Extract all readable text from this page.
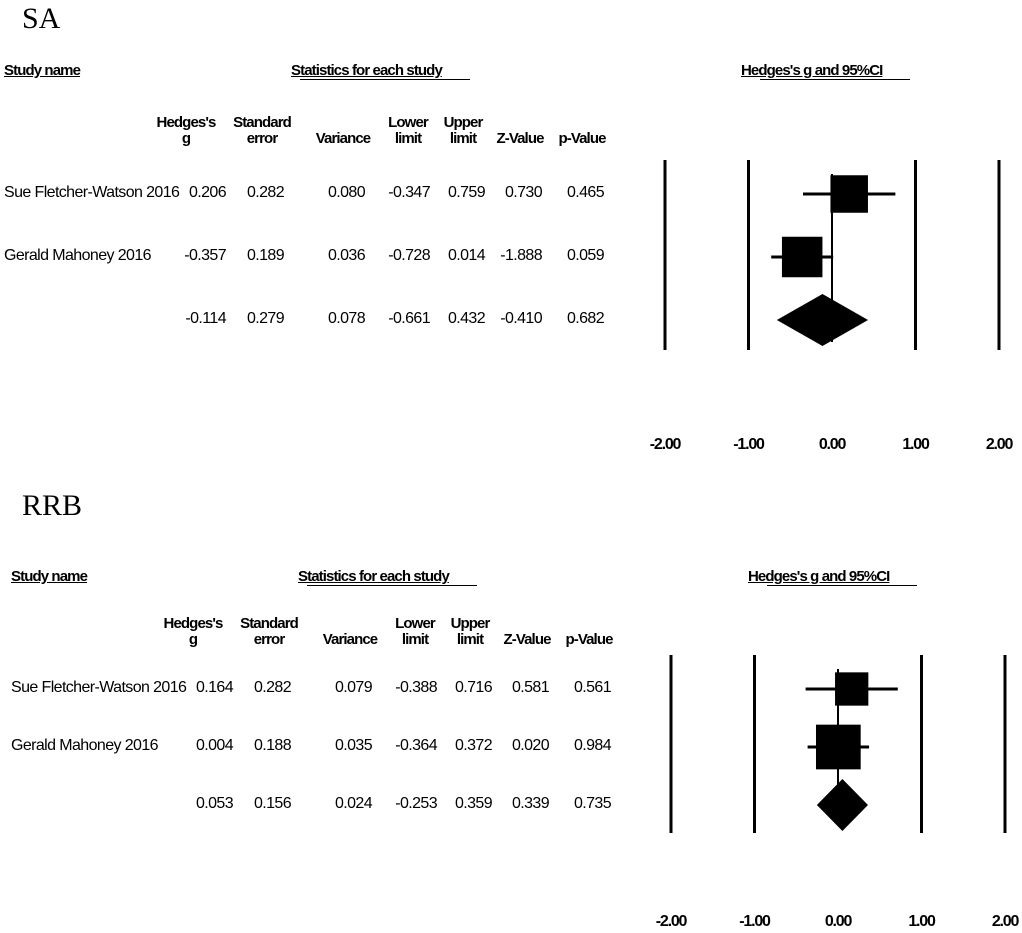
SA
Study name	Statistics for each study	Hedges's g and 95%CI
Hedges's
g
Standard
error	Variance
Lower
limit
Upper
limit	Z-Value p-Value
Sue Fletcher-Watson 2016 0.206	0.282	0.080	-0.347	0.759	0.730	0.465
Gerald Mahoney 2016	-0.357	0.189	0.036	-0.728	0.014 -1.888	0.059
-0.114	0.279	0.078	-0.661	0.432 -0.410	0.682
-2.00	-1.00	0.00	1.00	2.00
RRB
Study name	Statistics for each study	Hedges's g and 95%CI
Hedges's
g
Standard
error	Variance
Lower
limit
Upper
limit	Z-Value p-Value
Sue Fletcher-Watson 2016 0.164	0.282	0.079	-0.388	0.716	0.581	0.561
Gerald Mahoney 2016	0.004	0.188	0.035	-0.364	0.372	0.020	0.984
0.053	0.156	0.024	-0.253	0.359	0.339	0.735
-2.00	-1.00	0.00	1.00	2.00
